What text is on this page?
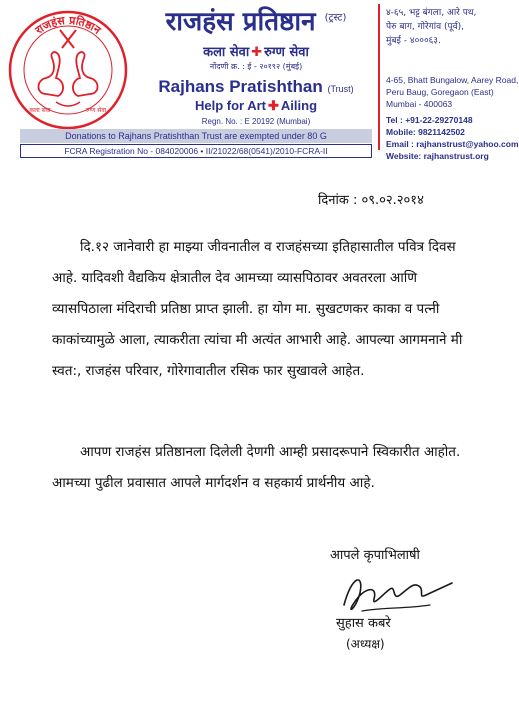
राजहंस प्रतिष्ठान
कला सेवा	रुग्ण सेवा
राजहंस प्रतिष्ठान $^{(ट्रस्ट)}$
कला सेवा ✚ रुग्ण सेवा
नोंदणी क्र. : ई - २०१९२ (मुंबई)
Rajhans Pratishthan (Trust)
Help for Art ✚ Ailing
Regn. No. : E 20192 (Mumbai)
४-६५, भट्ट बंगला, आरे पथ,
पेरु बाग, गोरेगांव (पूर्व),
मुंबई - ४०००६३.
4-65, Bhatt Bungalow, Aarey Road,
Peru Baug, Goregaon (East)
Mumbai - 400063
Tel : +91-22-29270148
Mobile: 9821142502
Email : rajhanstrust@yahoo.com
Website: rajhanstrust.org
Donations to Rajhans Pratishthan Trust are exempted under 80 G
FCRA Registration No - 084020006 • II/21022/68(0541)/2010-FCRA-II
दिनांक : ०९.०२.२०१४

दि.१२ जानेवारी हा माझ्या जीवनातील व राजहंसच्या इतिहासातील पवित्र दिवस आहे. यादिवशी वैद्यकिय क्षेत्रातील देव आमच्या व्यासपिठावर अवतरला आणि व्यासपिठाला मंदिराची प्रतिष्ठा प्राप्त झाली. हा योग मा. सुखटणकर काका व पत्नी काकांच्यामुळे आला, त्याकरीता त्यांचा मी अत्यंत आभारी आहे. आपल्या आगमनाने मी स्वत:, राजहंस परिवार, गोरेगावातील रसिक फार सुखावले आहेत.

आपण राजहंस प्रतिष्ठानला दिलेली देणगी आम्ही प्रसादरूपाने स्विकारीत आहोत. आमच्या पुढील प्रवासात आपले मार्गदर्शन व सहकार्य प्रार्थनीय आहे.

आपले कृपाभिलाषी
सुहास कबरे
(अध्यक्ष)
